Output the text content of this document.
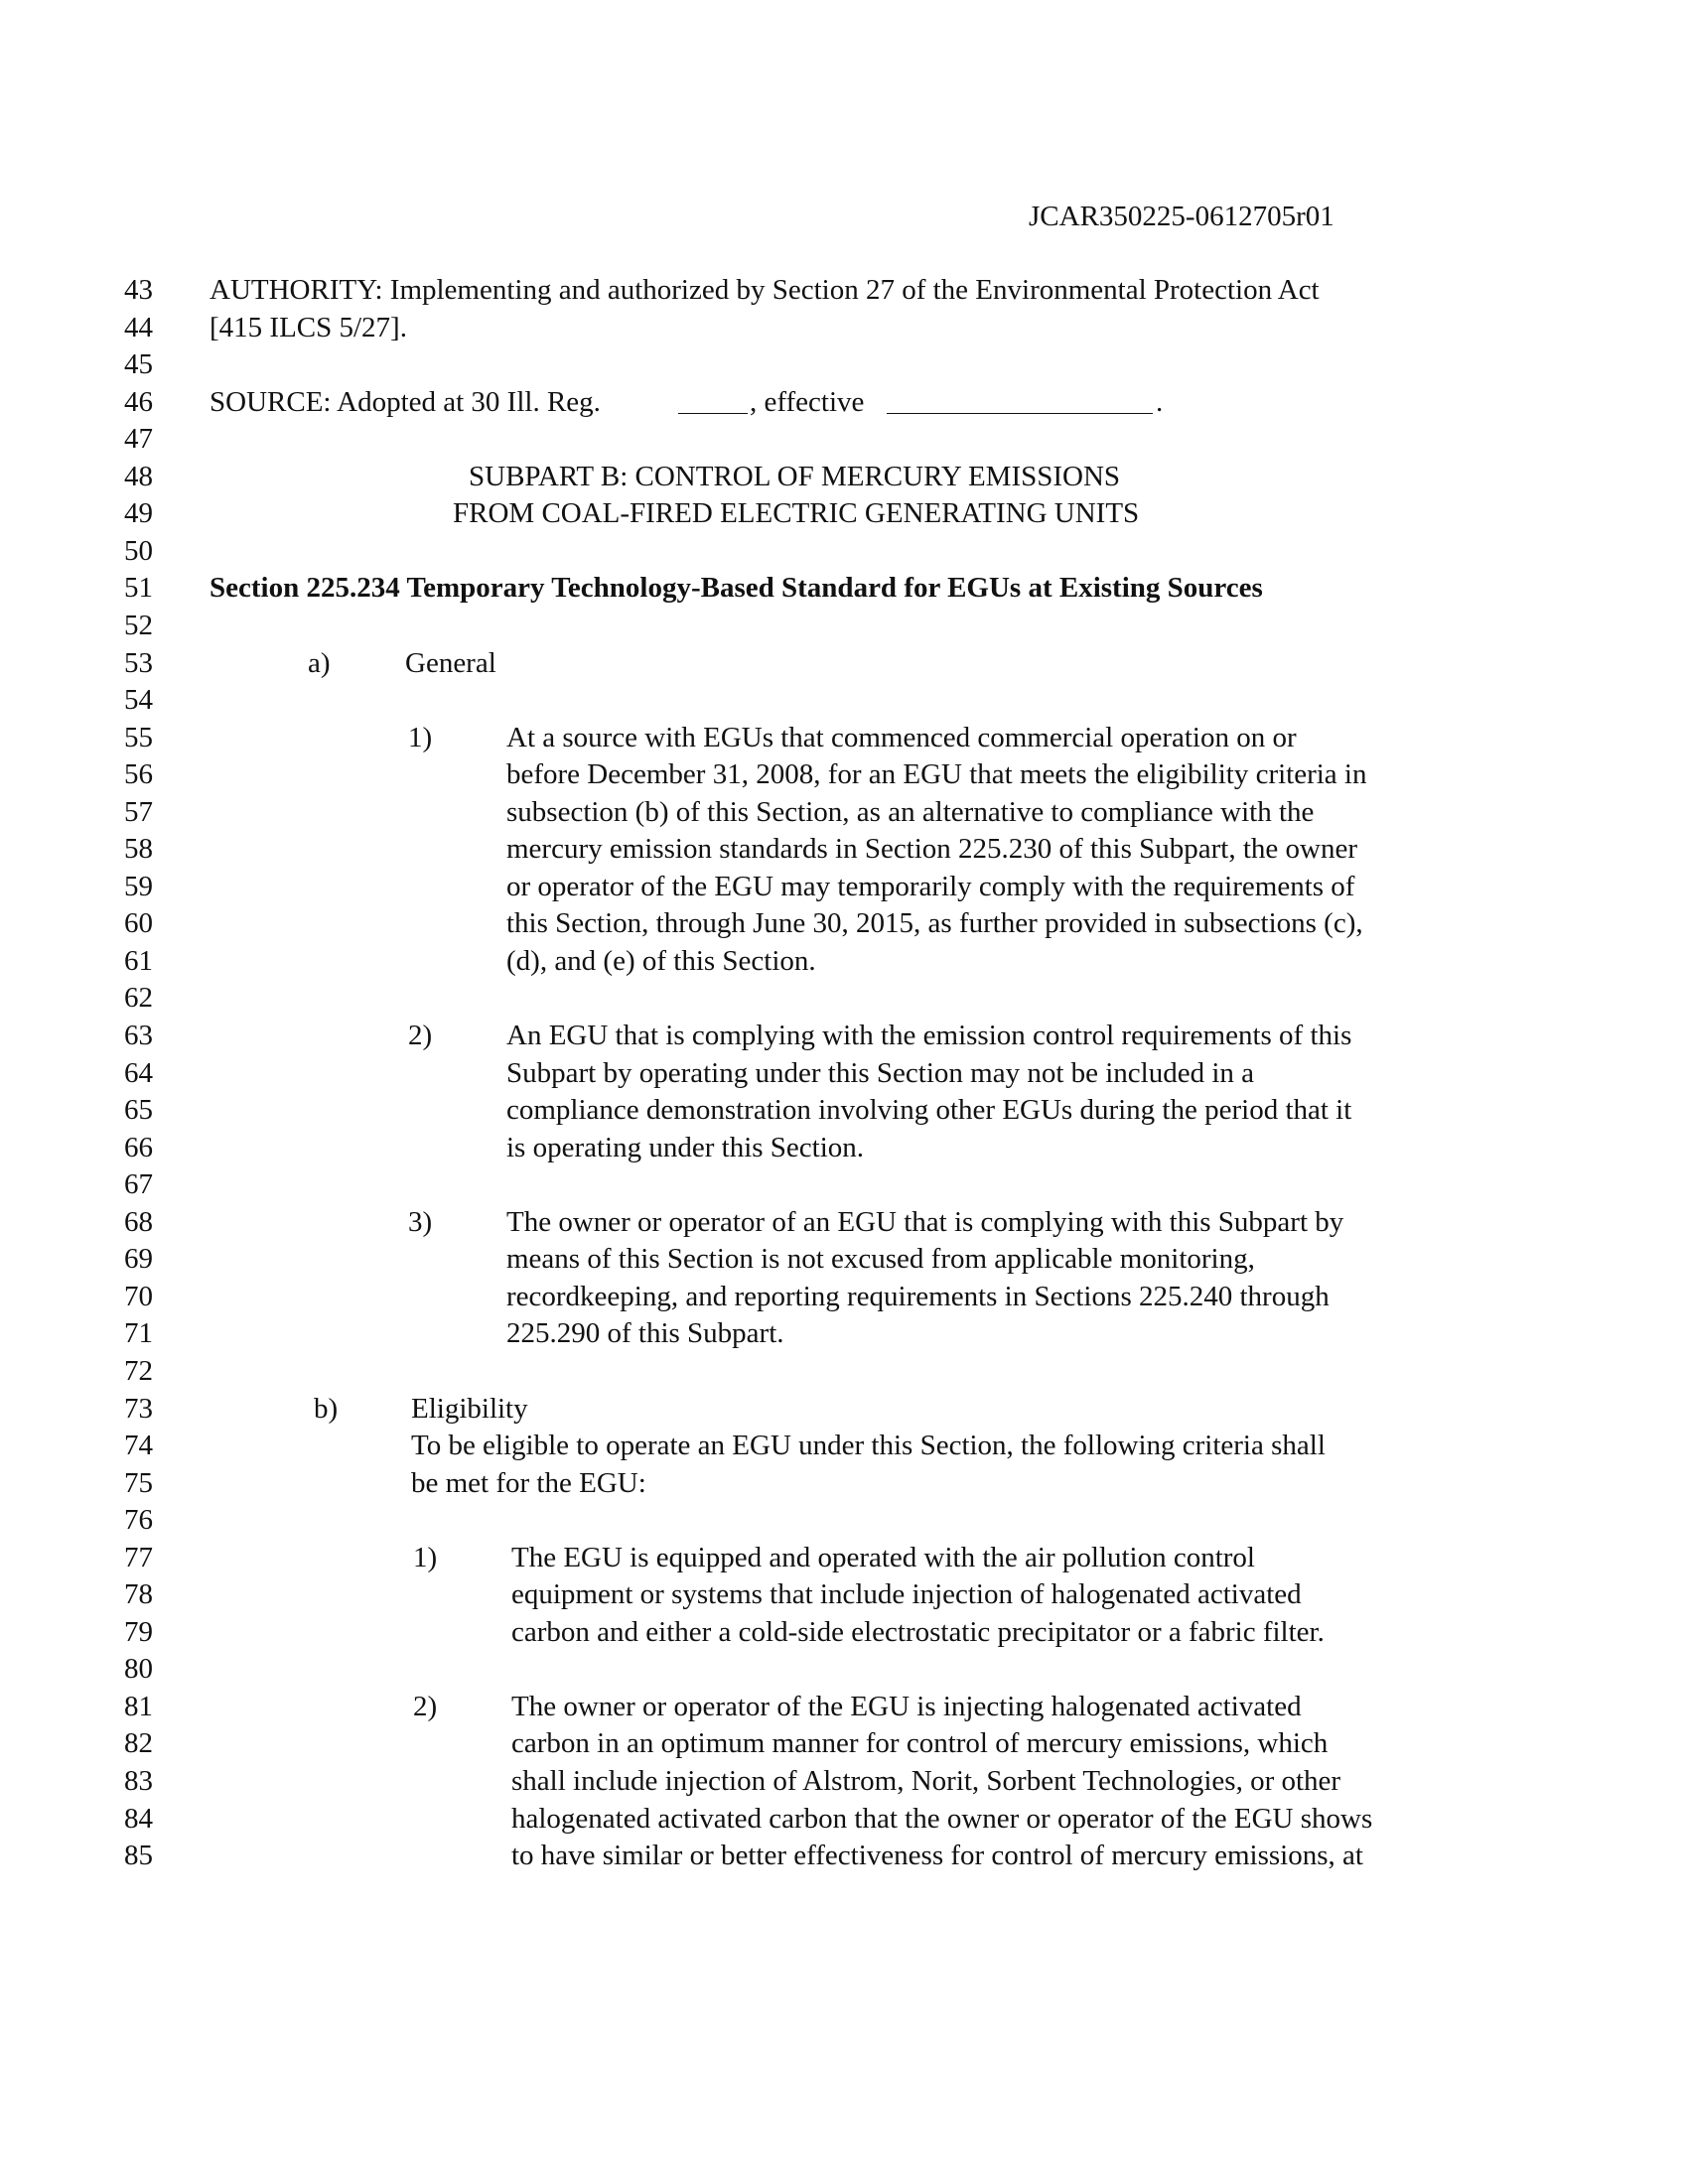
JCAR350225-0612705r01
43	AUTHORITY: Implementing and authorized by Section 27 of the Environmental Protection Act
44	[415 ILCS 5/27].
45
46	SOURCE: Adopted at 30 Ill. Reg.	, effective	.
47
48	SUBPART B: CONTROL OF MERCURY EMISSIONS
49	FROM COAL-FIRED ELECTRIC GENERATING UNITS
50
51	Section 225.234 Temporary Technology-Based Standard for EGUs at Existing Sources
52
53	a)	General
54
55	1)	At a source with EGUs that commenced commercial operation on or
56	before December 31, 2008, for an EGU that meets the eligibility criteria in
57	subsection (b) of this Section, as an alternative to compliance with the
58	mercury emission standards in Section 225.230 of this Subpart, the owner
59	or operator of the EGU may temporarily comply with the requirements of
60	this Section, through June 30, 2015, as further provided in subsections (c),
61	(d), and (e) of this Section.
62
63	2)	An EGU that is complying with the emission control requirements of this
64	Subpart by operating under this Section may not be included in a
65	compliance demonstration involving other EGUs during the period that it
66	is operating under this Section.
67
68	3)	The owner or operator of an EGU that is complying with this Subpart by
69	means of this Section is not excused from applicable monitoring,
70	recordkeeping, and reporting requirements in Sections 225.240 through
71	225.290 of this Subpart.
72
73	b)	Eligibility
74	To be eligible to operate an EGU under this Section, the following criteria shall
75	be met for the EGU:
76
77	1)	The EGU is equipped and operated with the air pollution control
78	equipment or systems that include injection of halogenated activated
79	carbon and either a cold-side electrostatic precipitator or a fabric filter.
80
81	2)	The owner or operator of the EGU is injecting halogenated activated
82	carbon in an optimum manner for control of mercury emissions, which
83	shall include injection of Alstrom, Norit, Sorbent Technologies, or other
84	halogenated activated carbon that the owner or operator of the EGU shows
85	to have similar or better effectiveness for control of mercury emissions, at
